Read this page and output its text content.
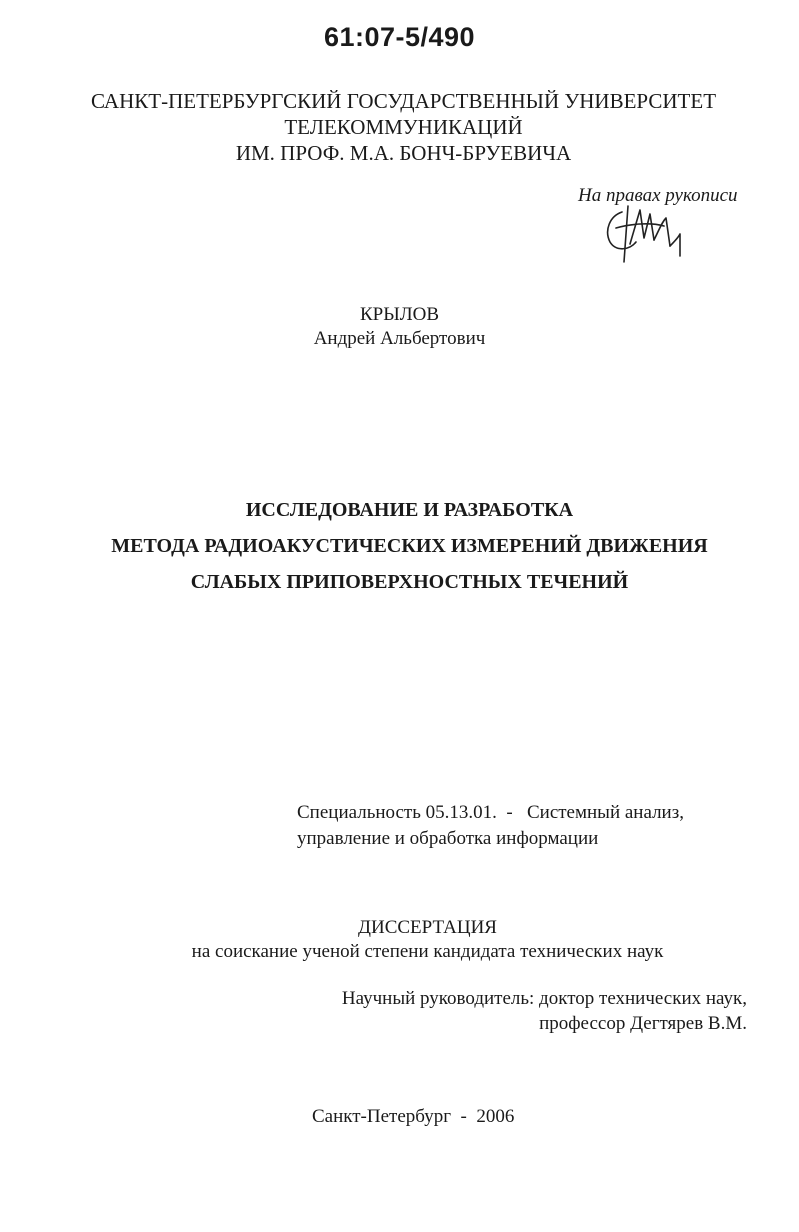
61:07-5/490
САНКТ-ПЕТЕРБУРГСКИЙ ГОСУДАРСТВЕННЫЙ УНИВЕРСИТЕТ
ТЕЛЕКОММУНИКАЦИЙ
ИМ. ПРОФ. М.А. БОНЧ-БРУЕВИЧА
На правах рукописи
КРЫЛОВ
Андрей Альбертович
ИССЛЕДОВАНИЕ И РАЗРАБОТКА
МЕТОДА РАДИОАКУСТИЧЕСКИХ ИЗМЕРЕНИЙ ДВИЖЕНИЯ
СЛАБЫХ ПРИПОВЕРХНОСТНЫХ ТЕЧЕНИЙ
Специальность 05.13.01.  -   Системный анализ,
управление и обработка информации
ДИССЕРТАЦИЯ
на соискание ученой степени кандидата технических наук
Научный руководитель: доктор технических наук,
профессор Дегтярев В.М.
Санкт-Петербург  -  2006
